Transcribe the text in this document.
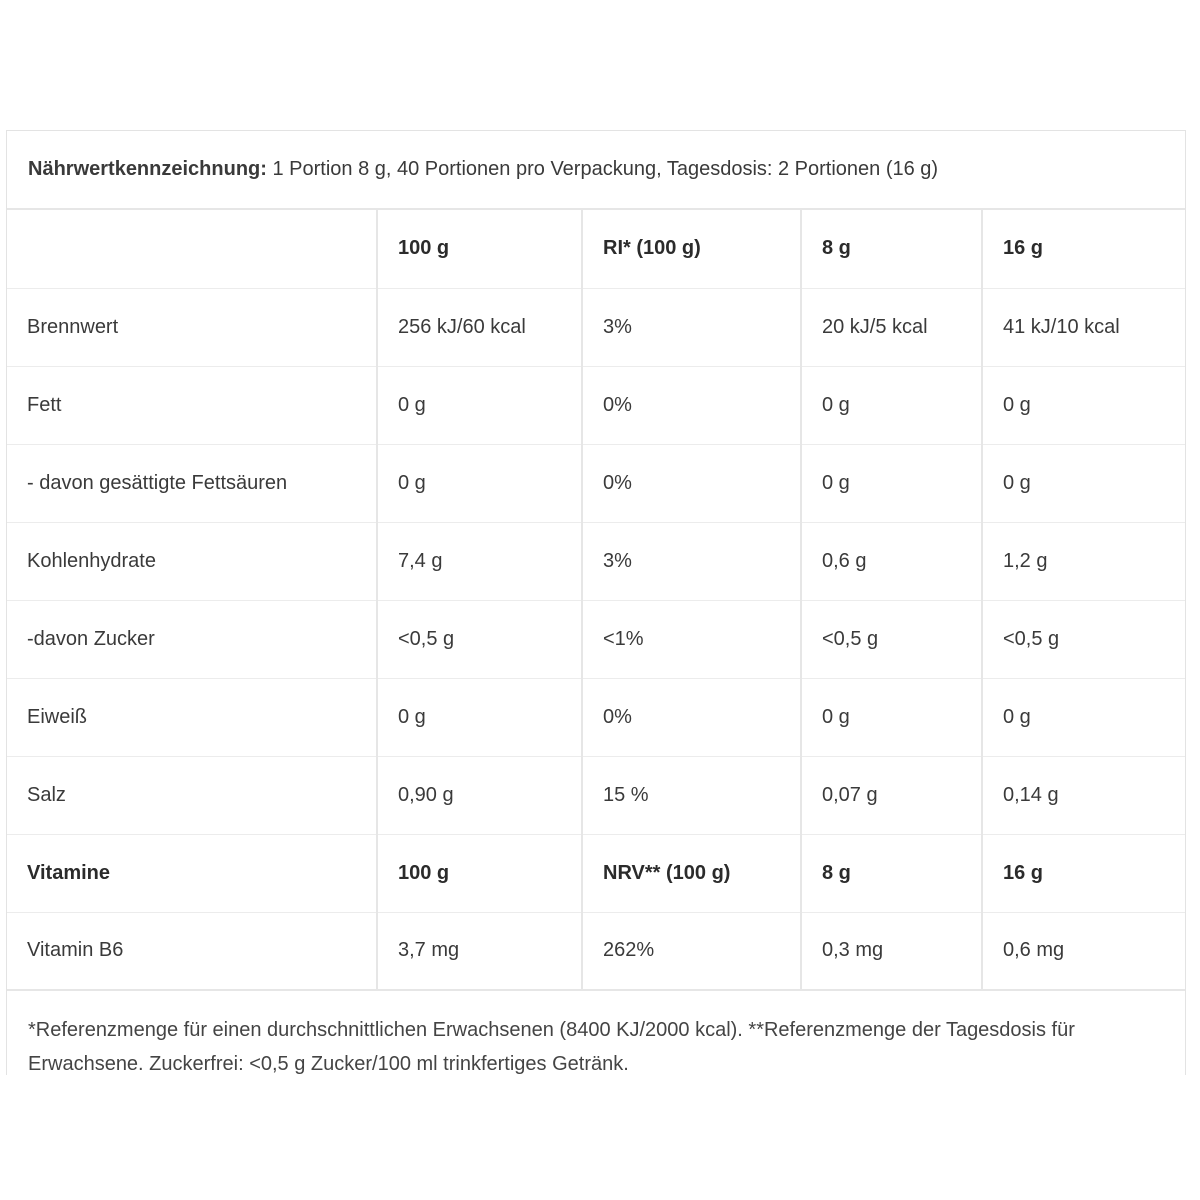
Nährwertkennzeichnung: 1 Portion 8 g, 40 Portionen pro Verpackung, Tagesdosis: 2 Portionen (16 g)
	100 g	RI* (100 g)	8 g	16 g
Brennwert	256 kJ/60 kcal	3%	20 kJ/5 kcal	41 kJ/10 kcal
Fett	0 g	0%	0 g	0 g
- davon gesättigte Fettsäuren	0 g	0%	0 g	0 g
Kohlenhydrate	7,4 g	3%	0,6 g	1,2 g
-davon Zucker	<0,5 g	<1%	<0,5 g	<0,5 g
Eiweiß	0 g	0%	0 g	0 g
Salz	0,90 g	15 %	0,07 g	0,14 g
Vitamine	100 g	NRV** (100 g)	8 g	16 g
Vitamin B6	3,7 mg	262%	0,3 mg	0,6 mg
*Referenzmenge für einen durchschnittlichen Erwachsenen (8400 KJ/2000 kcal). **Referenzmenge der Tagesdosis für Erwachsene. Zuckerfrei: <0,5 g Zucker/100 ml trinkfertiges Getränk.
